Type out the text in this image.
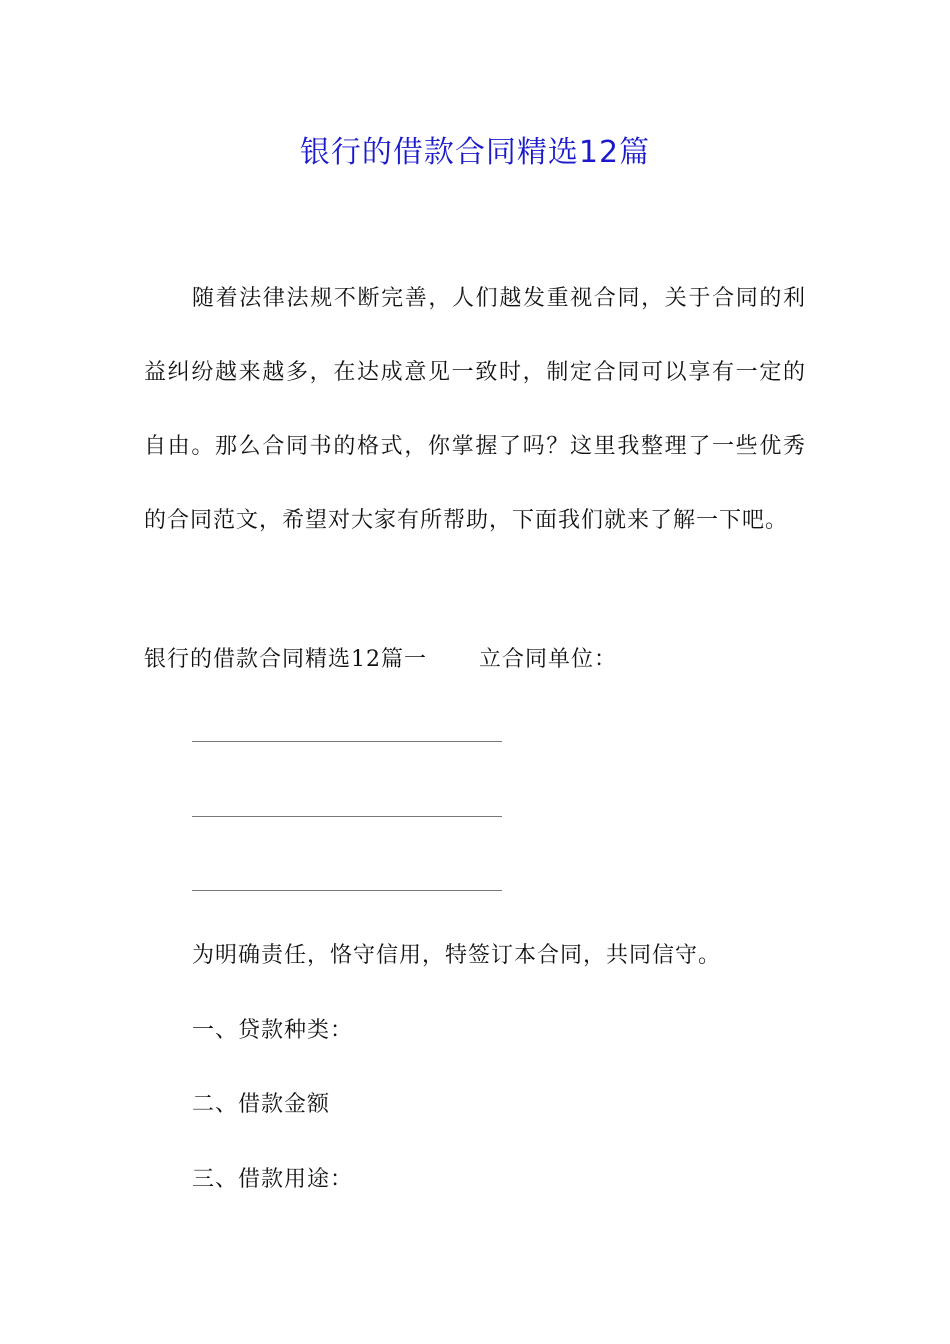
银行的借款合同精选12篇
随着法律法规不断完善，人们越发重视合同，关于合同的利益纠纷越来越多，在达成意见一致时，制定合同可以享有一定的自由。那么合同书的格式，你掌握了吗？这里我整理了一些优秀的合同范文，希望对大家有所帮助，下面我们就来了解一下吧。
银行的借款合同精选12篇一 立合同单位：
为明确责任，恪守信用，特签订本合同，共同信守。
一、贷款种类：
二、借款金额
三、借款用途：
